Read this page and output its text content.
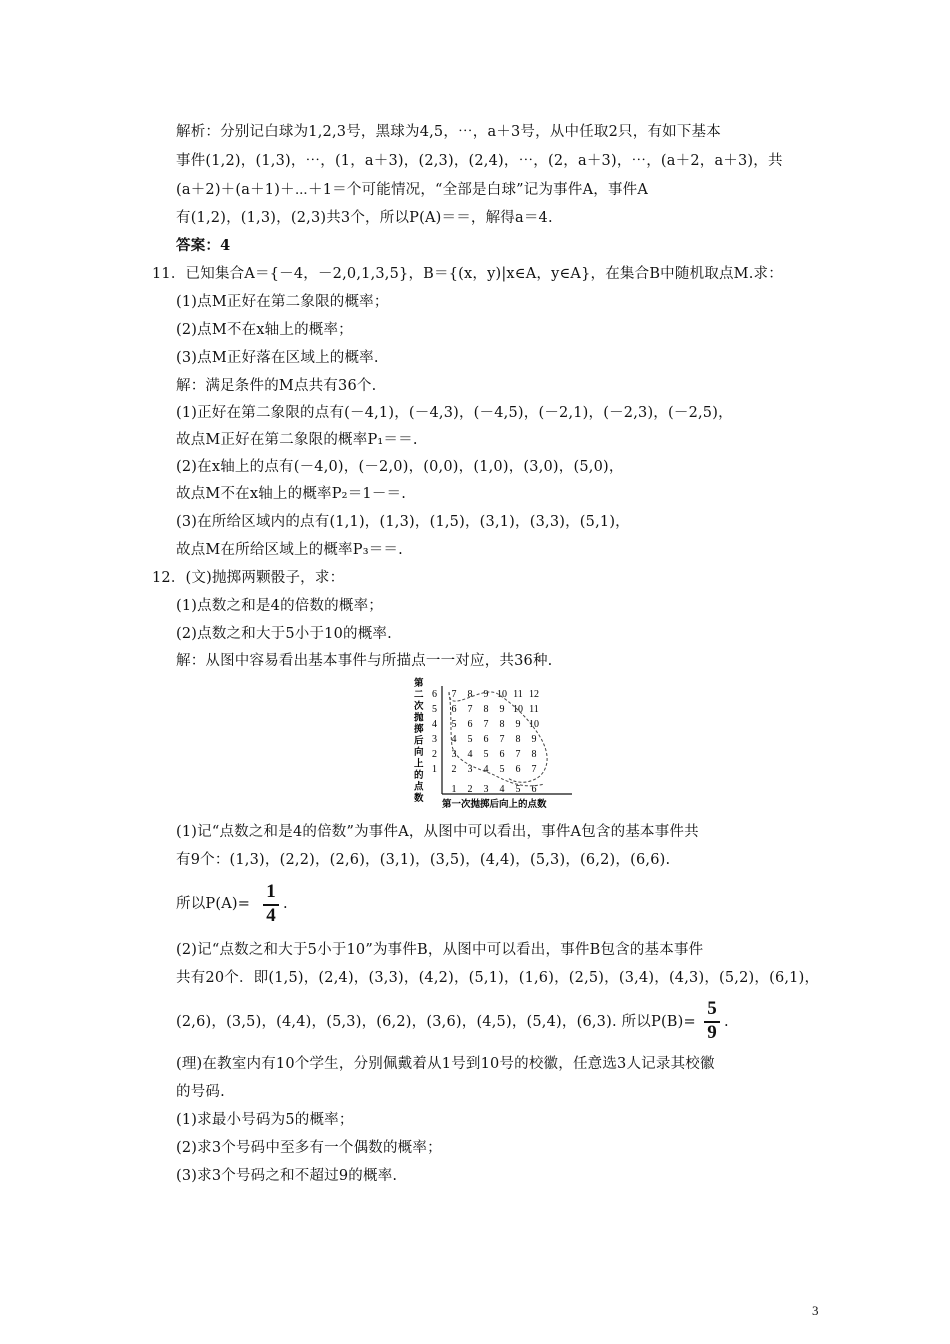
解析：分别记白球为1,2,3号，黑球为4,5，⋯，a＋3号，从中任取2只，有如下基本
事件(1,2)，(1,3)，⋯，(1，a＋3)，(2,3)，(2,4)，⋯，(2，a＋3)，⋯，(a＋2，a＋3)，共
(a＋2)＋(a＋1)＋⋯＋1＝个可能情况，“全部是白球”记为事件A，事件A
有(1,2)，(1,3)，(2,3)共3个，所以P(A)＝＝，解得a＝4.
答案：4
11．已知集合A＝{－4，－2,0,1,3,5}，B＝{(x，y)|x∈A，y∈A}，在集合B中随机取点M.求：
(1)点M正好在第二象限的概率；
(2)点M不在x轴上的概率；
(3)点M正好落在区域上的概率.
解：满足条件的M点共有36个.
(1)正好在第二象限的点有(－4,1)，(－4,3)，(－4,5)，(－2,1)，(－2,3)，(－2,5)，
故点M正好在第二象限的概率P₁＝＝.
(2)在x轴上的点有(－4,0)，(－2,0)，(0,0)，(1,0)，(3,0)，(5,0)，
故点M不在x轴上的概率P₂＝1－＝.
(3)在所给区域内的点有(1,1)，(1,3)，(1,5)，(3,1)，(3,3)，(5,1)，
故点M在所给区域上的概率P₃＝＝.
12．(文)抛掷两颗骰子，求：
(1)点数之和是4的倍数的概率；
(2)点数之和大于5小于10的概率.
解：从图中容易看出基本事件与所描点一一对应，共36种.
第
二
次
抛
掷
后
向
上
的
点
数
6
5
4
3
2
1
1 2 3 4 5 6
7 8 9 10 11 12
6 7 8 9 10 11
5 6 7 8 9 10
4 5 6 7 8 9
3 4 5 6 7 8
2 3 4 5 6 7
第一次抛掷后向上的点数
(1)记“点数之和是4的倍数”为事件A，从图中可以看出，事件A包含的基本事件共
有9个：(1,3)，(2,2)，(2,6)，(3,1)，(3,5)，(4,4)，(5,3)，(6,2)，(6,6).
所以P(A)=
1
4
.
(2)记“点数之和大于5小于10”为事件B，从图中可以看出，事件B包含的基本事件
共有20个．即(1,5)，(2,4)，(3,3)，(4,2)，(5,1)，(1,6)，(2,5)，(3,4)，(4,3)，(5,2)，(6,1)，
(2,6)，(3,5)，(4,4)，(5,3)，(6,2)，(3,6)，(4,5)，(5,4)，(6,3). 所以P(B)=
5
9 .
(理)在教室内有10个学生，分别佩戴着从1号到10号的校徽，任意选3人记录其校徽
的号码.
(1)求最小号码为5的概率；
(2)求3个号码中至多有一个偶数的概率；
(3)求3个号码之和不超过9的概率.
3
